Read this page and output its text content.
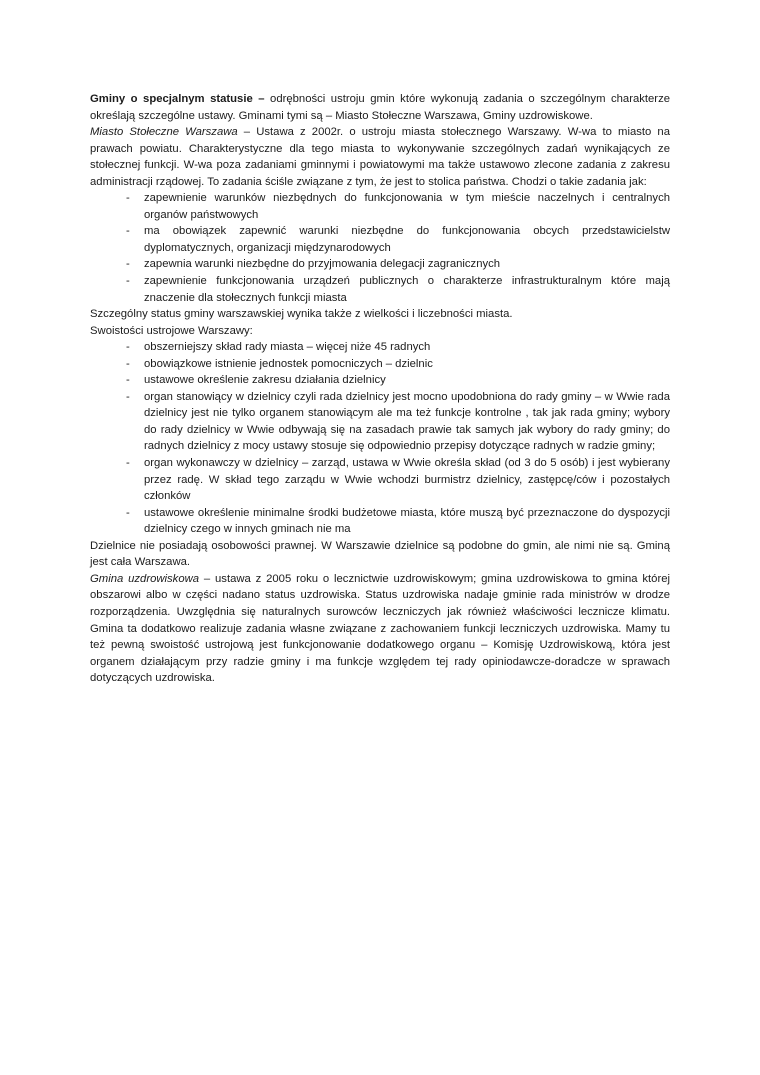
Gminy o specjalnym statusie – odrębności ustroju gmin które wykonują zadania o szczególnym charakterze określają szczególne ustawy. Gminami tymi są – Miasto Stołeczne Warszawa, Gminy uzdrowiskowe.

Miasto Stołeczne Warszawa – Ustawa z 2002r. o ustroju miasta stołecznego Warszawy. W-wa to miasto na prawach powiatu. Charakterystyczne dla tego miasta to wykonywanie szczególnych zadań wynikających ze stołecznej funkcji. W-wa poza zadaniami gminnymi i powiatowymi ma także ustawowo zlecone zadania z zakresu administracji rządowej. To zadania ściśle związane z tym, że jest to stolica państwa. Chodzi o takie zadania jak:

- zapewnienie warunków niezbędnych do funkcjonowania w tym mieście naczelnych i centralnych organów państwowych
- ma obowiązek zapewnić warunki niezbędne do funkcjonowania obcych przedstawicielstw dyplomatycznych, organizacji międzynarodowych
- zapewnia warunki niezbędne do przyjmowania delegacji zagranicznych
- zapewnienie funkcjonowania urządzeń publicznych o charakterze infrastrukturalnym które mają znaczenie dla stołecznych funkcji miasta

Szczególny status gminy warszawskiej wynika także z wielkości i liczebności miasta.

Swoistości ustrojowe Warszawy:

- obszerniejszy skład rady miasta – więcej niże 45 radnych
- obowiązkowe istnienie jednostek pomocniczych – dzielnic
- ustawowe określenie zakresu działania dzielnicy
- organ stanowiący w dzielnicy czyli rada dzielnicy jest mocno upodobniona do rady gminy – w Wwie rada dzielnicy jest nie tylko organem stanowiącym ale ma też funkcje kontrolne , tak jak rada gminy; wybory do rady dzielnicy w Wwie odbywają się na zasadach prawie tak samych jak wybory do rady gminy; do radnych dzielnicy z mocy ustawy stosuje się odpowiednio przepisy dotyczące radnych w radzie gminy;
- organ wykonawczy w dzielnicy – zarząd, ustawa w Wwie określa skład (od 3 do 5 osób) i jest wybierany przez radę. W skład tego zarządu w Wwie wchodzi burmistrz dzielnicy, zastępcę/ców i pozostałych członków
- ustawowe określenie minimalne środki budżetowe miasta, które muszą być przeznaczone do dyspozycji dzielnicy czego w innych gminach nie ma

Dzielnice nie posiadają osobowości prawnej. W Warszawie dzielnice są podobne do gmin, ale nimi nie są. Gminą jest cała Warszawa.

Gmina uzdrowiskowa – ustawa z 2005 roku o lecznictwie uzdrowiskowym; gmina uzdrowiskowa to gmina której obszarowi albo w części nadano status uzdrowiska. Status uzdrowiska nadaje gminie rada ministrów w drodze rozporządzenia. Uwzględnia się naturalnych surowców leczniczych jak również właściwości lecznicze klimatu. Gmina ta dodatkowo realizuje zadania własne związane z zachowaniem funkcji leczniczych uzdrowiska. Mamy tu też pewną swoistość ustrojową jest funkcjonowanie dodatkowego organu – Komisję Uzdrowiskową, która jest organem działającym przy radzie gminy i ma funkcje względem tej rady opiniodawcze-doradcze w sprawach dotyczących uzdrowiska.
